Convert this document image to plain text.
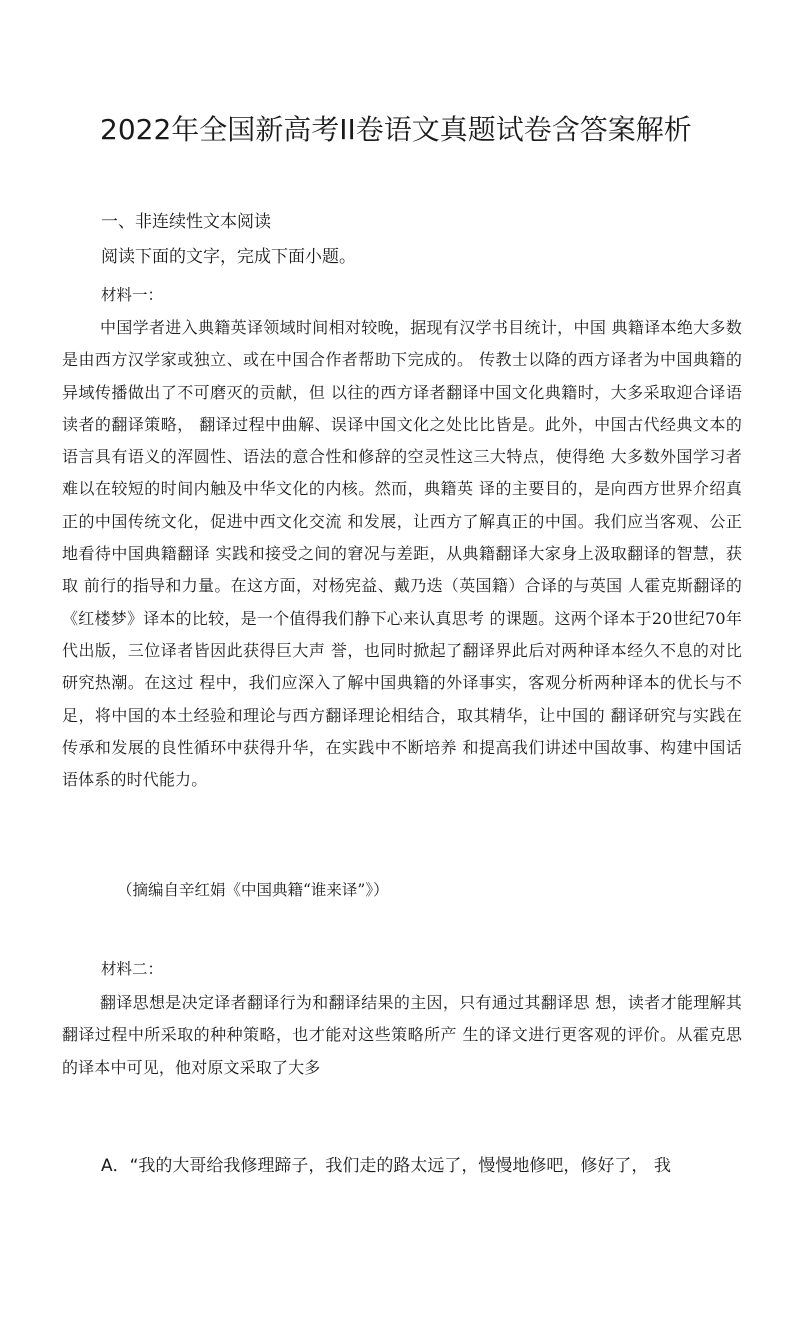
2022年全国新高考II卷语文真题试卷含答案解析
一、非连续性文本阅读

阅读下面的文字，完成下面小题。

材料一：

中国学者进入典籍英译领域时间相对较晚，据现有汉学书目统计，中国 典籍译本绝大多数是由西方汉学家或独立、或在中国合作者帮助下完成的。 传教士以降的西方译者为中国典籍的异域传播做出了不可磨灭的贡献，但 以往的西方译者翻译中国文化典籍时，大多采取迎合译语读者的翻译策略， 翻译过程中曲解、误译中国文化之处比比皆是。此外，中国古代经典文本的 语言具有语义的浑圆性、语法的意合性和修辞的空灵性这三大特点，使得绝 大多数外国学习者难以在较短的时间内触及中华文化的内核。然而，典籍英 译的主要目的，是向西方世界介绍真正的中国传统文化，促进中西文化交流 和发展，让西方了解真正的中国。我们应当客观、公正地看待中国典籍翻译 实践和接受之间的窘况与差距，从典籍翻译大家身上汲取翻译的智慧，获取 前行的指导和力量。在这方面，对杨宪益、戴乃迭（英国籍）合译的与英国 人霍克斯翻译的《红楼梦》译本的比较，是一个值得我们静下心来认真思考 的课题。这两个译本于20世纪70年代出版，三位译者皆因此获得巨大声 誉，也同时掀起了翻译界此后对两种译本经久不息的对比研究热潮。在这过 程中，我们应深入了解中国典籍的外译事实，客观分析两种译本的优长与不 足，将中国的本土经验和理论与西方翻译理论相结合，取其精华，让中国的 翻译研究与实践在传承和发展的良性循环中获得升华，在实践中不断培养 和提高我们讲述中国故事、构建中国话语体系的时代能力。

（摘编自辛红娟《中国典籍“谁来译”》）

材料二：

翻译思想是决定译者翻译行为和翻译结果的主因，只有通过其翻译思 想，读者才能理解其翻译过程中所采取的种种策略，也才能对这些策略所产 生的译文进行更客观的评价。从霍克思的译本中可见，他对原文采取了大多

A．“我的大哥给我修理蹄子，我们走的路太远了，慢慢地修吧，修好了， 我
